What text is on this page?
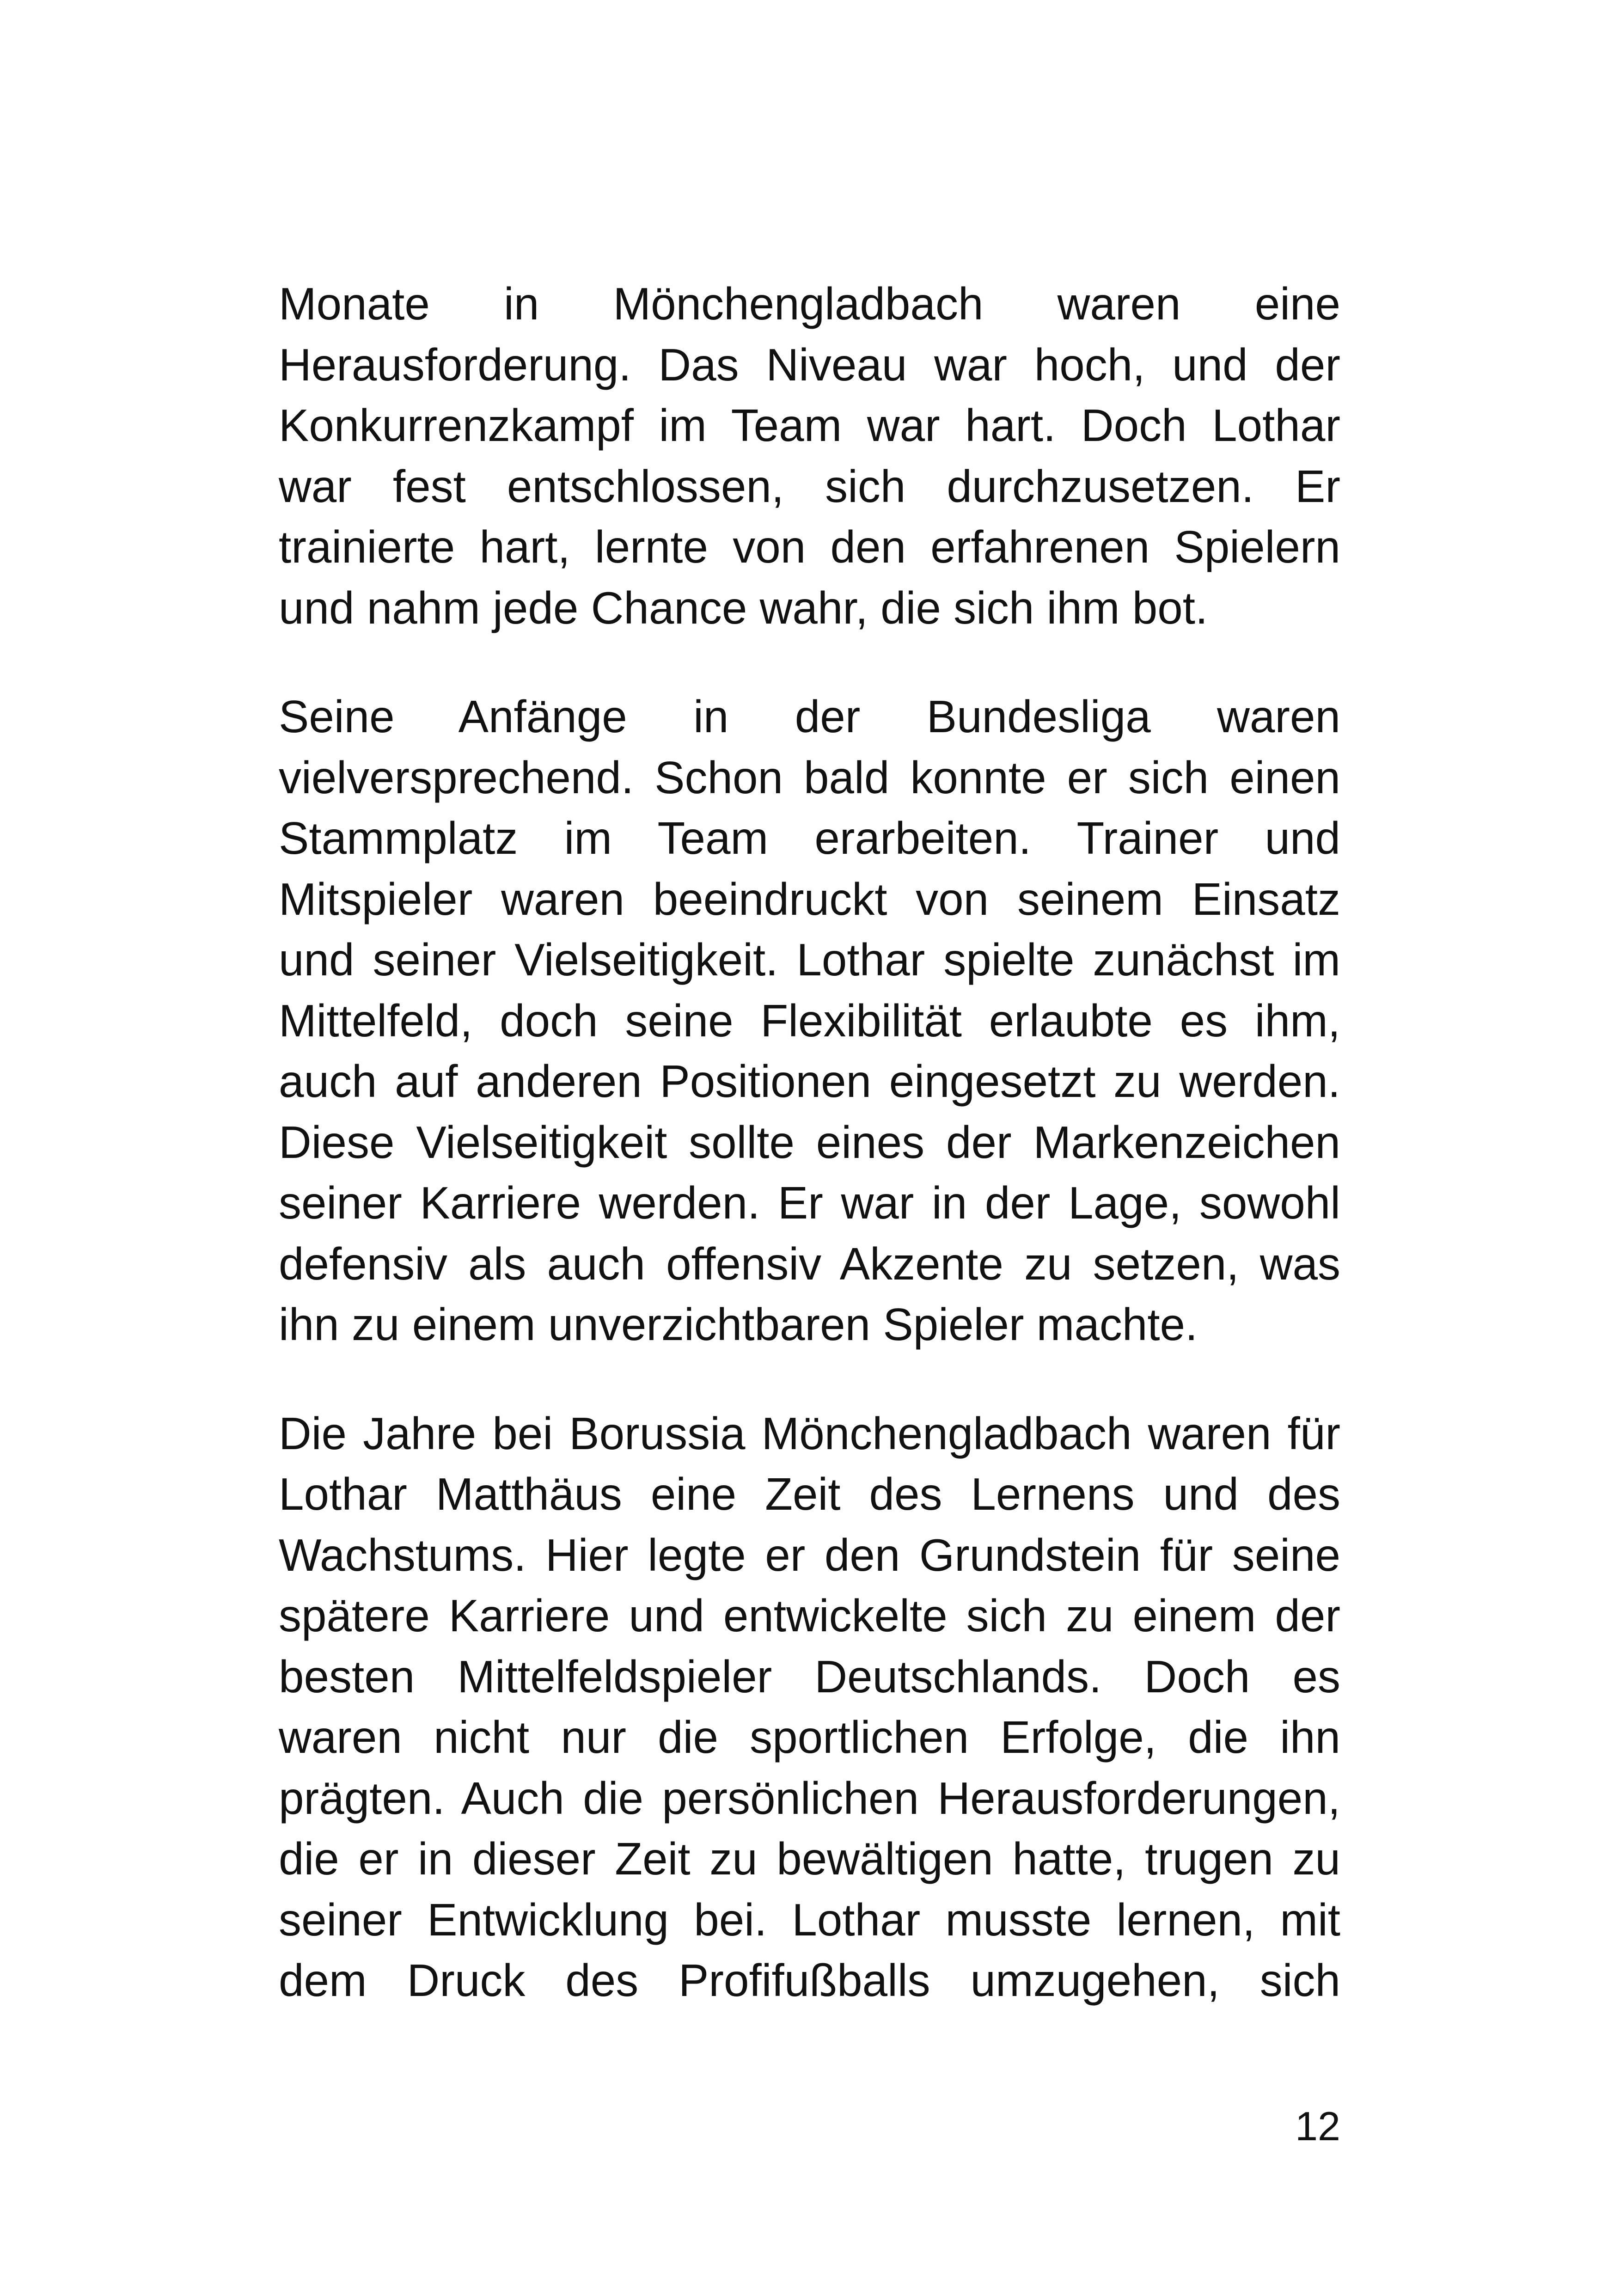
Monate in Mönchengladbach waren eine Herausforderung. Das Niveau war hoch, und der Konkurrenzkampf im Team war hart. Doch Lothar war fest entschlossen, sich durchzusetzen. Er trainierte hart, lernte von den erfahrenen Spielern und nahm jede Chance wahr, die sich ihm bot.

Seine Anfänge in der Bundesliga waren vielversprechend. Schon bald konnte er sich einen Stammplatz im Team erarbeiten. Trainer und Mitspieler waren beeindruckt von seinem Einsatz und seiner Vielseitigkeit. Lothar spielte zunächst im Mittelfeld, doch seine Flexibilität erlaubte es ihm, auch auf anderen Positionen eingesetzt zu werden. Diese Vielseitigkeit sollte eines der Markenzeichen seiner Karriere werden. Er war in der Lage, sowohl defensiv als auch offensiv Akzente zu setzen, was ihn zu einem unverzichtbaren Spieler machte.

Die Jahre bei Borussia Mönchengladbach waren für Lothar Matthäus eine Zeit des Lernens und des Wachstums. Hier legte er den Grundstein für seine spätere Karriere und entwickelte sich zu einem der besten Mittelfeldspieler Deutschlands. Doch es waren nicht nur die sportlichen Erfolge, die ihn prägten. Auch die persönlichen Herausforderungen, die er in dieser Zeit zu bewältigen hatte, trugen zu seiner Entwicklung bei. Lothar musste lernen, mit dem Druck des Profifußballs umzugehen, sich

12
